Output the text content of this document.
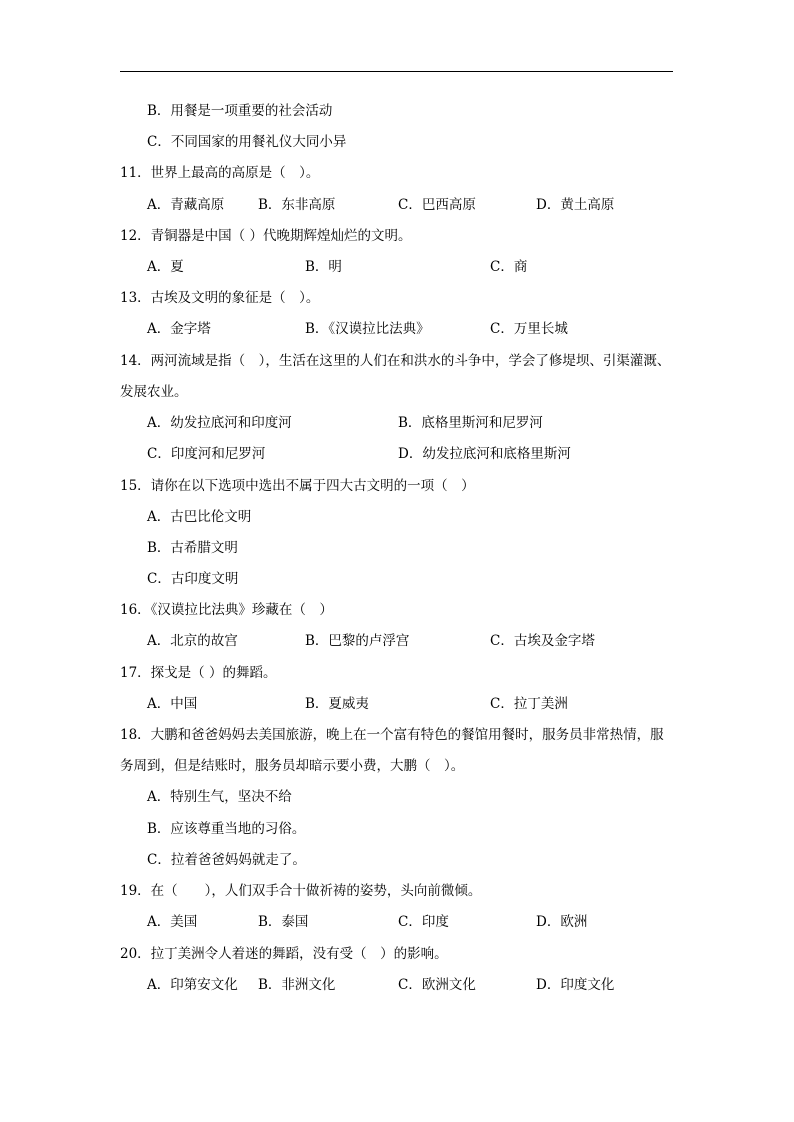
B．用餐是一项重要的社会活动
C．不同国家的用餐礼仪大同小异
11．世界上最高的高原是（　）。
A．青藏高原	B．东非高原	C．巴西高原	D．黄土高原
12．青铜器是中国（ ）代晚期辉煌灿烂的文明。
A．夏	B．明	C．商
13．古埃及文明的象征是（　）。
A．金字塔	B．《汉谟拉比法典》	C．万里长城
14．两河流域是指（　），生活在这里的人们在和洪水的斗争中，学会了修堤坝、引渠灌溉、
发展农业。
A．幼发拉底河和印度河	B．底格里斯河和尼罗河
C．印度河和尼罗河	D．幼发拉底河和底格里斯河
15．请你在以下选项中选出不属于四大古文明的一项（　）
A．古巴比伦文明
B．古希腊文明
C．古印度文明
16．《汉谟拉比法典》珍藏在（　）
A．北京的故宫	B．巴黎的卢浮宫	C．古埃及金字塔
17．探戈是（ ）的舞蹈。
A．中国	B．夏威夷	C．拉丁美洲
18．大鹏和爸爸妈妈去美国旅游，晚上在一个富有特色的餐馆用餐时，服务员非常热情，服
务周到，但是结账时，服务员却暗示要小费，大鹏（　）。
A．特别生气，坚决不给
B．应该尊重当地的习俗。
C．拉着爸爸妈妈就走了。
19．在（　　），人们双手合十做祈祷的姿势，头向前微倾。
A．美国	B．泰国	C．印度	D．欧洲
20．拉丁美洲令人着迷的舞蹈，没有受（　）的影响。
A．印第安文化 B．非洲文化	C．欧洲文化	D．印度文化
